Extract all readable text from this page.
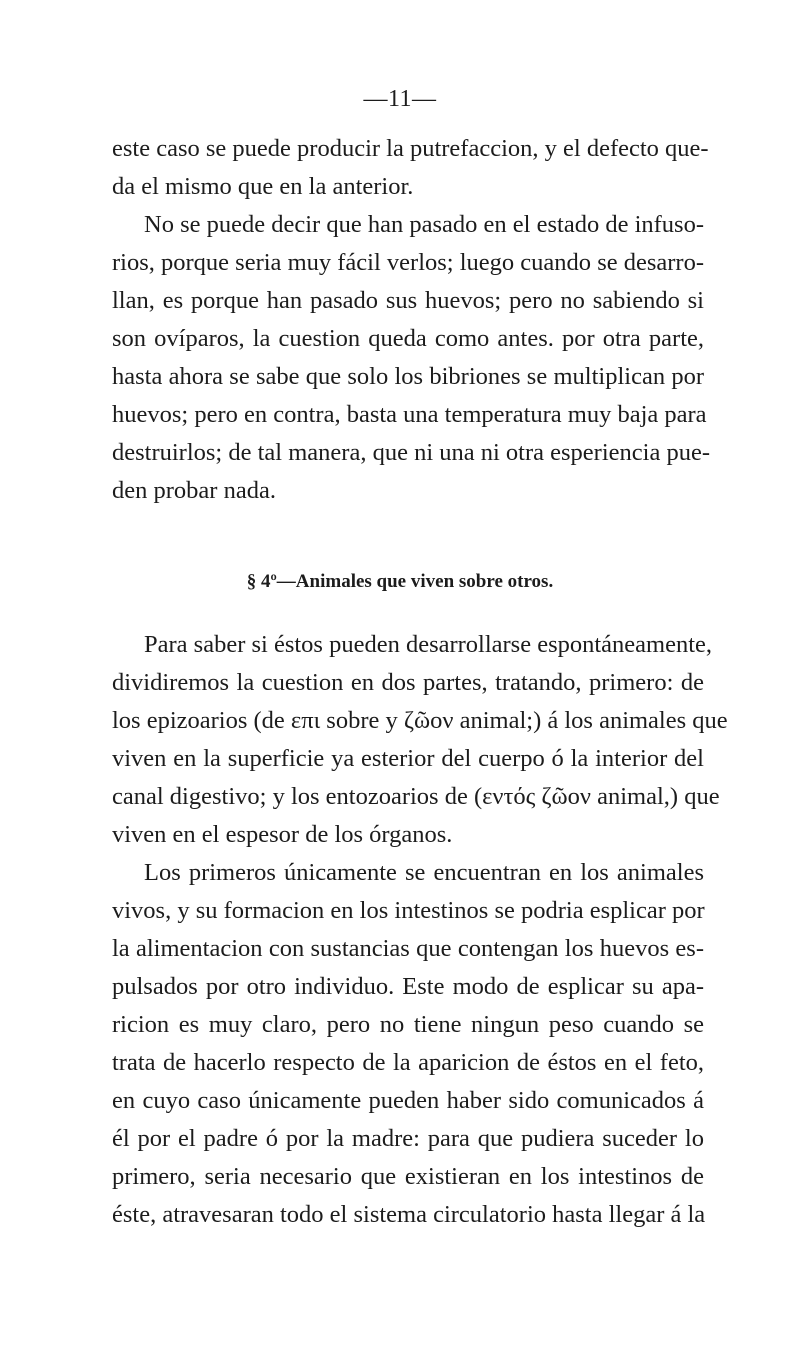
—11—
este caso se puede producir la putrefaccion, y el defecto que-
da el mismo que en la anterior.
No se puede decir que han pasado en el estado de infuso-
rios, porque seria muy fácil verlos; luego cuando se desarro-
llan, es porque han pasado sus huevos; pero no sabiendo si
son ovíparos, la cuestion queda como antes. por otra parte,
hasta ahora se sabe que solo los bibriones se multiplican por
huevos; pero en contra, basta una temperatura muy baja para
destruirlos; de tal manera, que ni una ni otra esperiencia pue-
den probar nada.
§ 4º—Animales que viven sobre otros.
Para saber si éstos pueden desarrollarse espontáneamente,
dividiremos la cuestion en dos partes, tratando, primero: de
los epizoarios (de επι sobre y ζῶον animal;) á los animales que
viven en la superficie ya esterior del cuerpo ó la interior del
canal digestivo; y los entozoarios de (εντός ζῶον animal,) que
viven en el espesor de los órganos.
Los primeros únicamente se encuentran en los animales
vivos, y su formacion en los intestinos se podria esplicar por
la alimentacion con sustancias que contengan los huevos es-
pulsados por otro individuo. Este modo de esplicar su apa-
ricion es muy claro, pero no tiene ningun peso cuando se
trata de hacerlo respecto de la aparicion de éstos en el feto,
en cuyo caso únicamente pueden haber sido comunicados á
él por el padre ó por la madre: para que pudiera suceder lo
primero, seria necesario que existieran en los intestinos de
éste, atravesaran todo el sistema circulatorio hasta llegar á la
